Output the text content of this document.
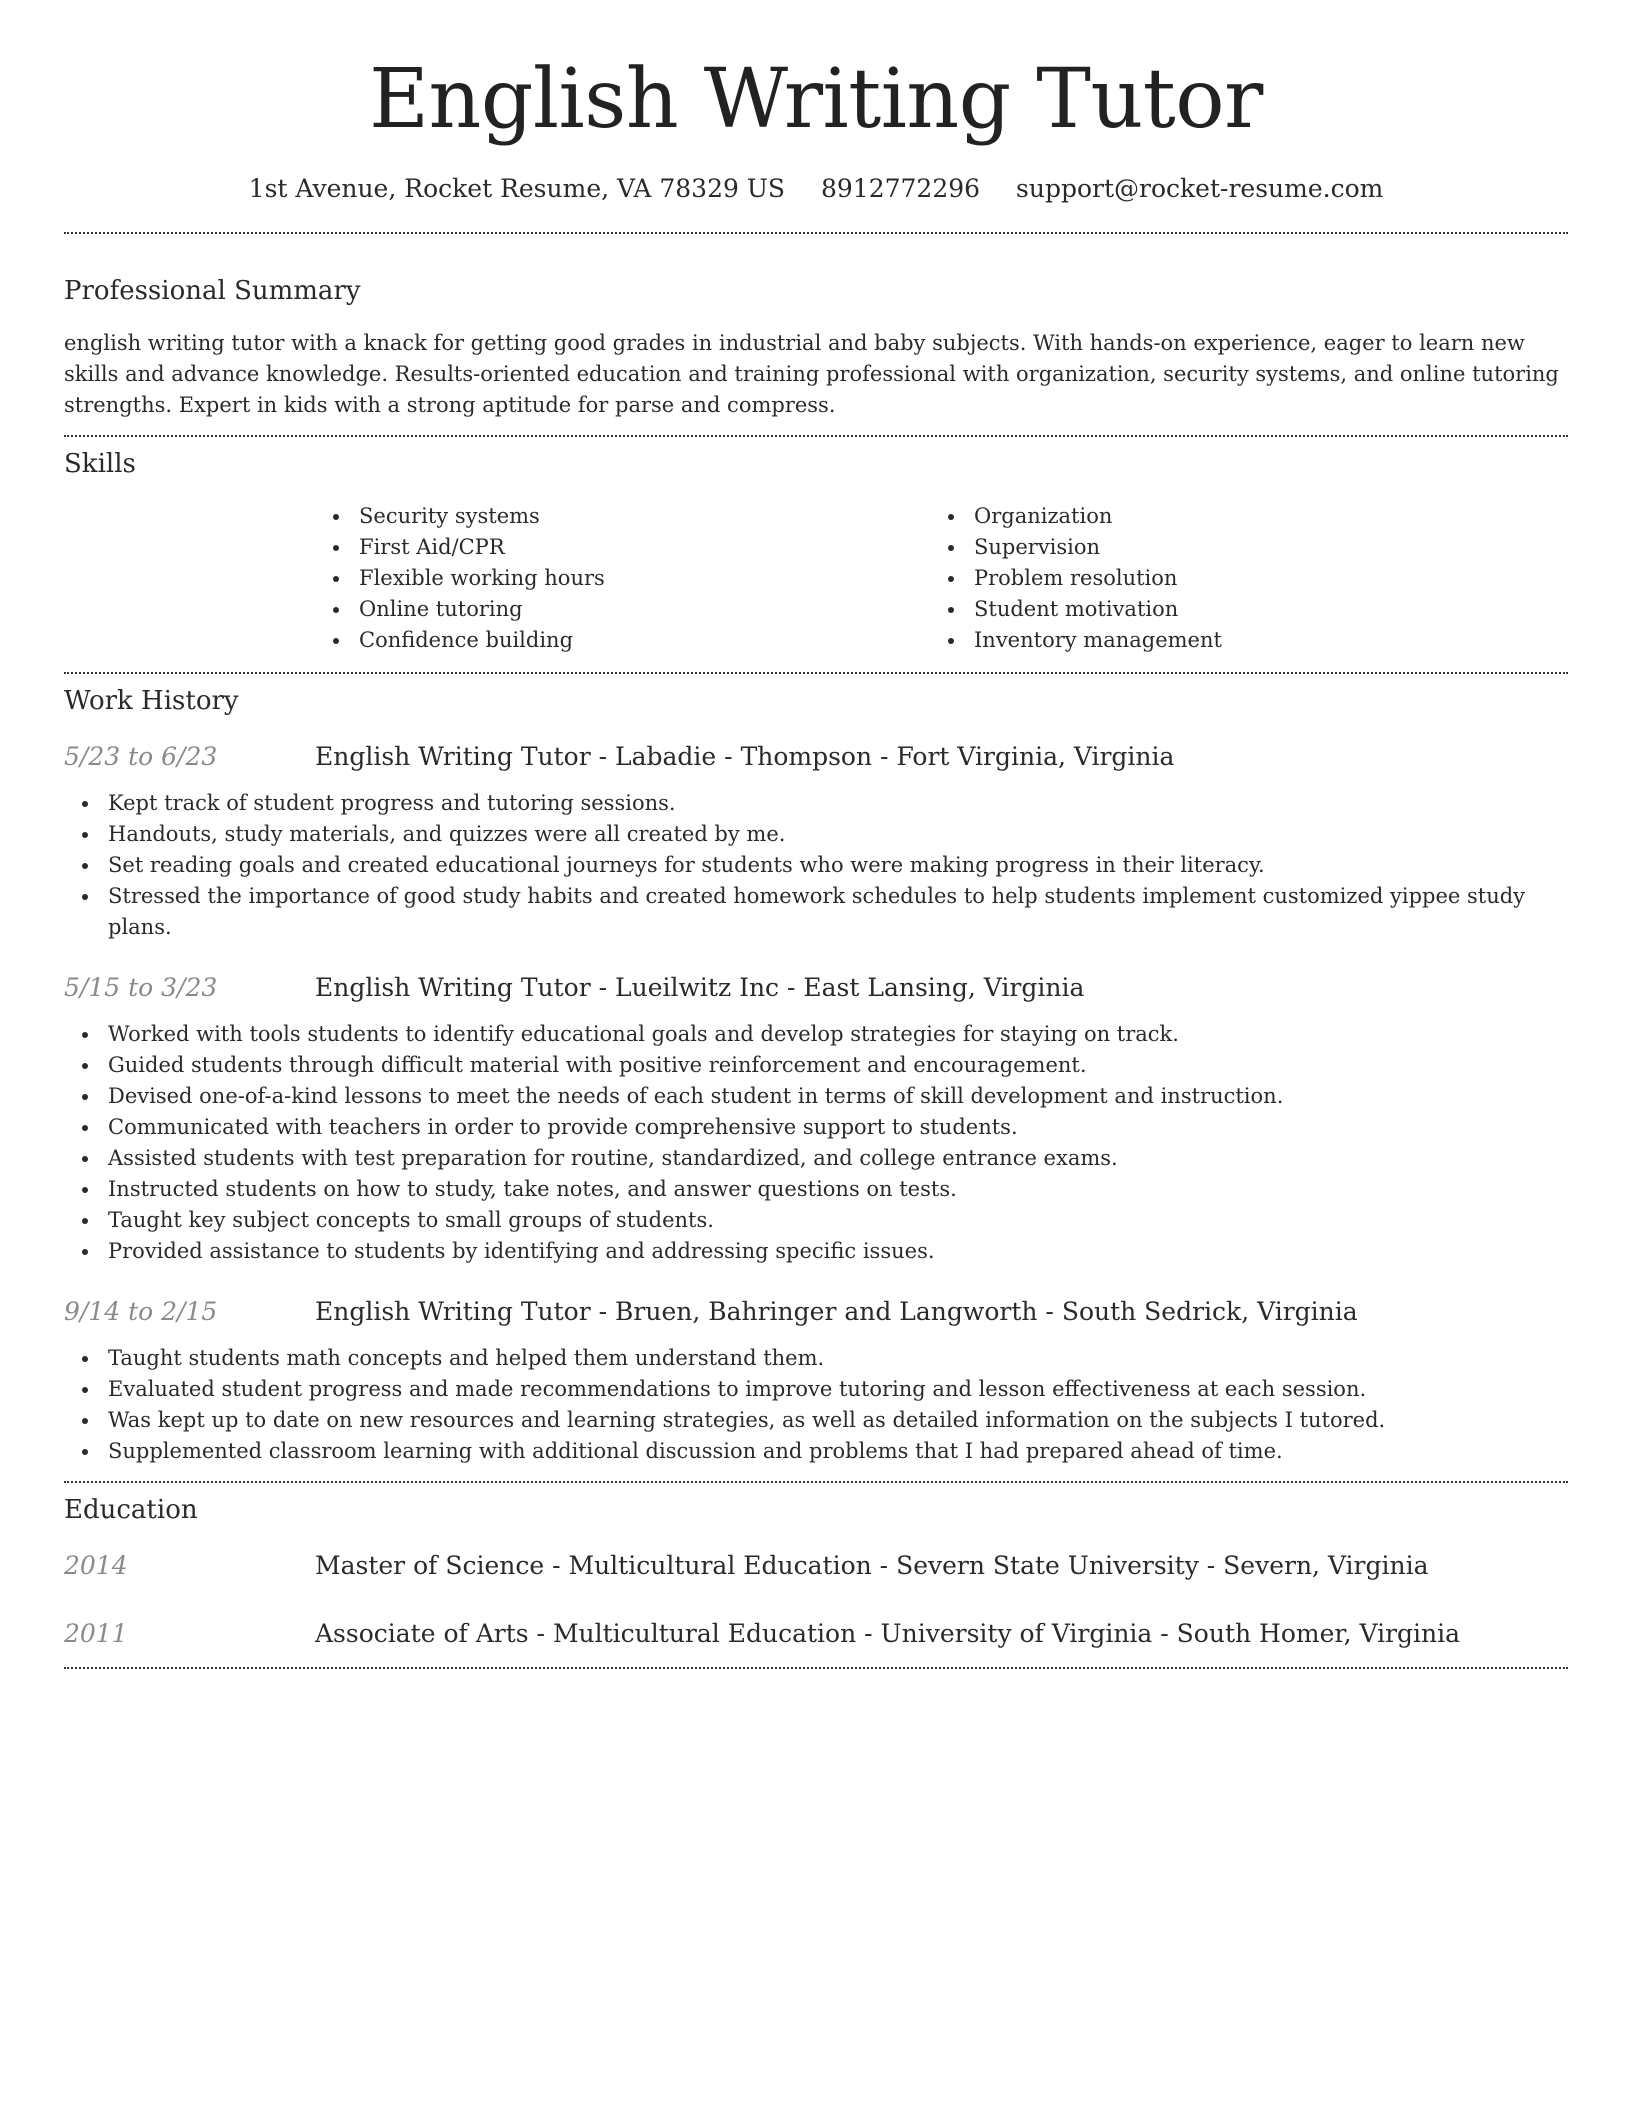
English Writing Tutor
1st Avenue, Rocket Resume, VA 78329 US 8912772296 support@rocket-resume.com
Professional Summary

english writing tutor with a knack for getting good grades in industrial and baby subjects. With hands-on experience, eager to learn new skills and advance knowledge. Results-oriented education and training professional with organization, security systems, and online tutoring strengths. Expert in kids with a strong aptitude for parse and compress.

Skills
Security systems
First Aid/CPR
Flexible working hours
Online tutoring
Confidence building
Organization
Supervision
Problem resolution
Student motivation
Inventory management
Work History
5/23 to 6/23	English Writing Tutor - Labadie - Thompson - Fort Virginia, Virginia
Kept track of student progress and tutoring sessions.
Handouts, study materials, and quizzes were all created by me.
Set reading goals and created educational journeys for students who were making progress in their literacy.
Stressed the importance of good study habits and created homework schedules to help students implement customized yippee study plans.
5/15 to 3/23	English Writing Tutor - Lueilwitz Inc - East Lansing, Virginia
Worked with tools students to identify educational goals and develop strategies for staying on track.
Guided students through difficult material with positive reinforcement and encouragement.
Devised one-of-a-kind lessons to meet the needs of each student in terms of skill development and instruction.
Communicated with teachers in order to provide comprehensive support to students.
Assisted students with test preparation for routine, standardized, and college entrance exams.
Instructed students on how to study, take notes, and answer questions on tests.
Taught key subject concepts to small groups of students.
Provided assistance to students by identifying and addressing specific issues.
9/14 to 2/15	English Writing Tutor - Bruen, Bahringer and Langworth - South Sedrick, Virginia
Taught students math concepts and helped them understand them.
Evaluated student progress and made recommendations to improve tutoring and lesson effectiveness at each session.
Was kept up to date on new resources and learning strategies, as well as detailed information on the subjects I tutored.
Supplemented classroom learning with additional discussion and problems that I had prepared ahead of time.
Education
2014	Master of Science - Multicultural Education - Severn State University - Severn, Virginia
2011	Associate of Arts - Multicultural Education - University of Virginia - South Homer, Virginia
